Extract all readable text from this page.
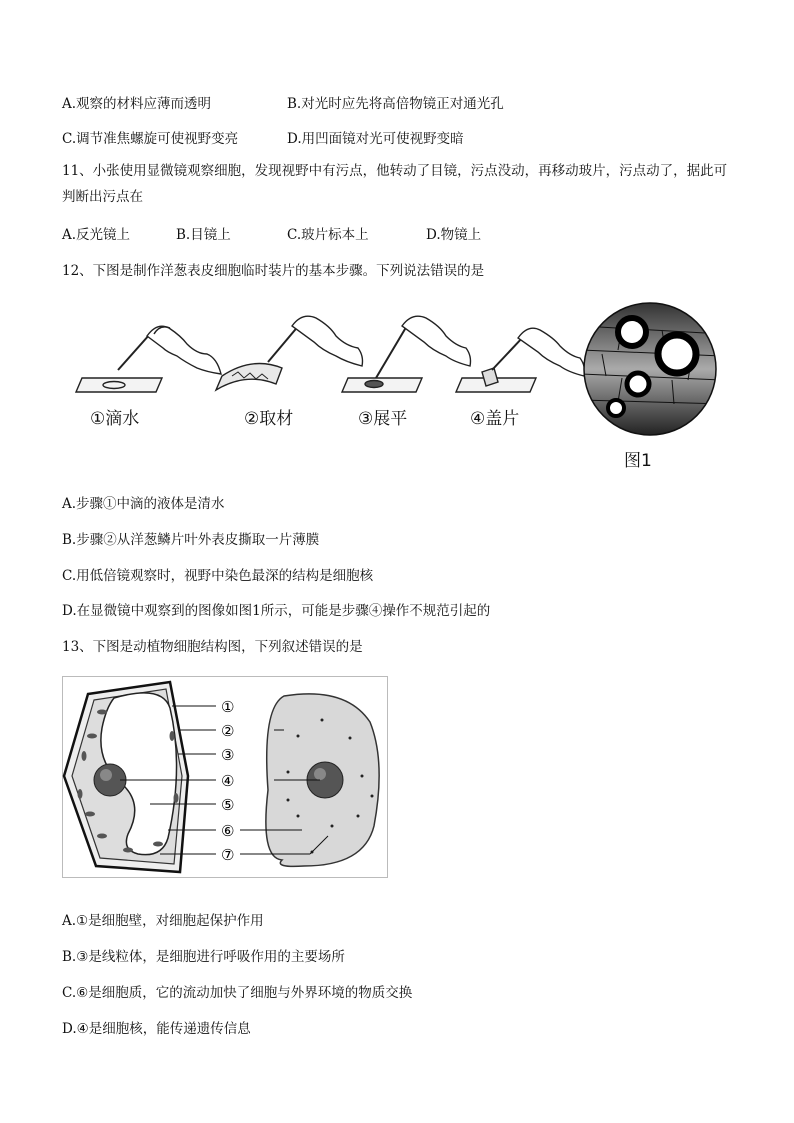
A.观察的材料应薄而透明	B.对光时应先将高倍物镜正对通光孔
C.调节准焦螺旋可使视野变亮	D.用凹面镜对光可使视野变暗
11、小张使用显微镜观察细胞，发现视野中有污点，他转动了目镜，污点没动，再移动玻片，污点动了，据此可判断出污点在
A.反光镜上	B.目镜上	C.玻片标本上	D.物镜上
12、下图是制作洋葱表皮细胞临时装片的基本步骤。下列说法错误的是
①滴水	②取材	③展平	④盖片
图1
A.步骤①中滴的液体是清水
B.步骤②从洋葱鳞片叶外表皮撕取一片薄膜
C.用低倍镜观察时，视野中染色最深的结构是细胞核
D.在显微镜中观察到的图像如图1所示，可能是步骤④操作不规范引起的
13、下图是动植物细胞结构图，下列叙述错误的是
①
②
③
④
⑤
⑥
⑦
A.①是细胞壁，对细胞起保护作用
B.③是线粒体，是细胞进行呼吸作用的主要场所
C.⑥是细胞质，它的流动加快了细胞与外界环境的物质交换
D.④是细胞核，能传递遗传信息
